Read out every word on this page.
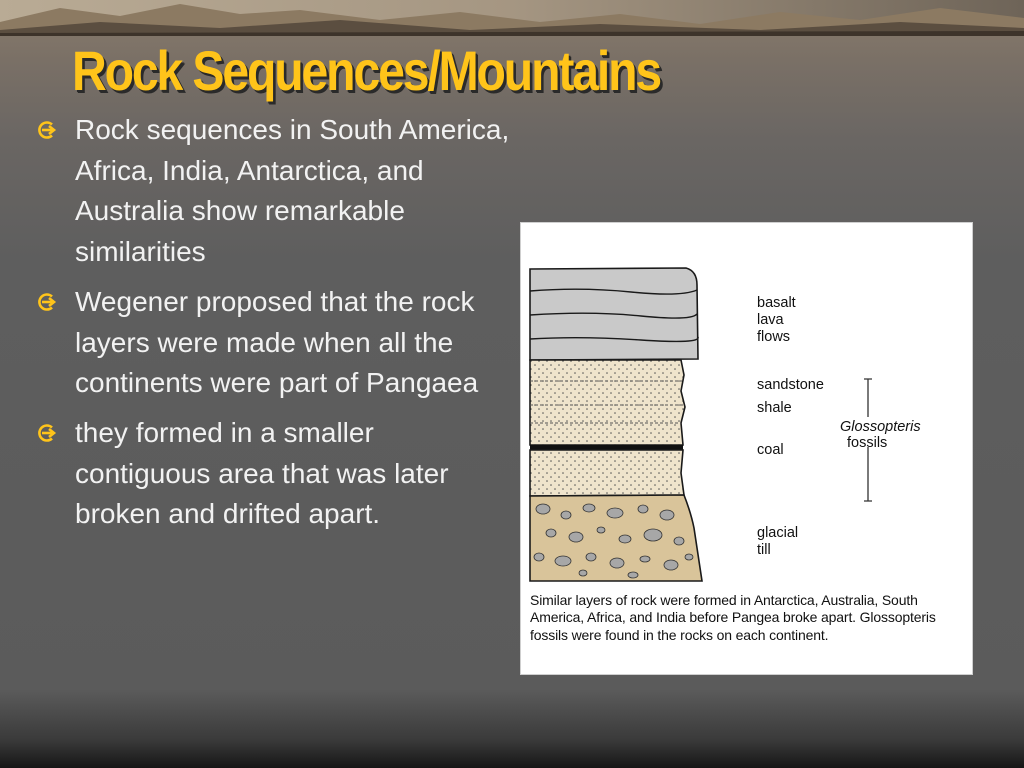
Rock Sequences/Mountains
Rock sequences in South America, Africa, India, Antarctica, and Australia show remarkable similarities
Wegener proposed that the rock layers were made when all the continents were part of Pangaea
they formed in a smaller contiguous area that was later broken and drifted apart.
basalt
lava
flows
sandstone
shale
coal
glacial
till
Glossopteris
fossils
Similar layers of rock were formed in Antarctica, Australia, South America, Africa, and India before Pangea broke apart. Glossopteris fossils were found in the rocks on each continent.
